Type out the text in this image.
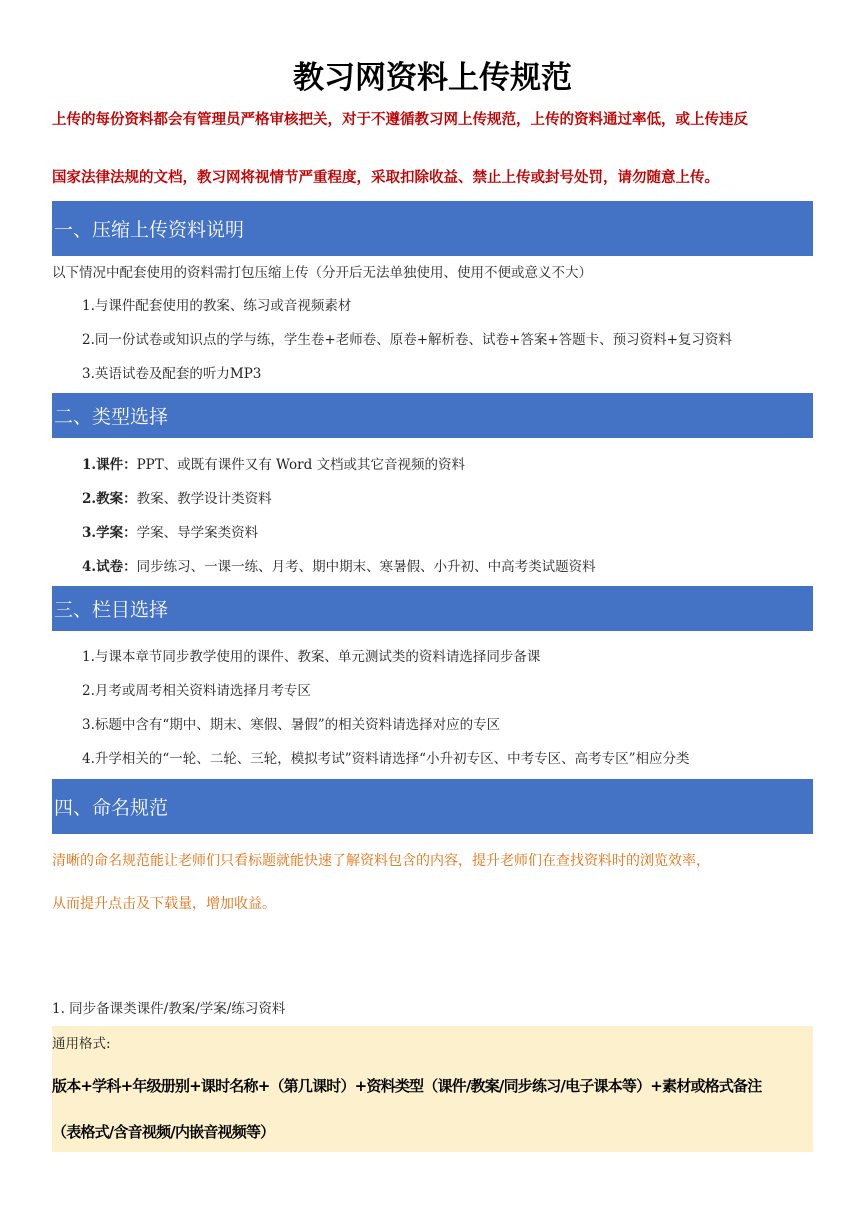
教习网资料上传规范
上传的每份资料都会有管理员严格审核把关，对于不遵循教习网上传规范，上传的资料通过率低，或上传违反
国家法律法规的文档，教习网将视情节严重程度，采取扣除收益、禁止上传或封号处罚，请勿随意上传。
一、压缩上传资料说明
以下情况中配套使用的资料需打包压缩上传（分开后无法单独使用、使用不便或意义不大）
1.与课件配套使用的教案、练习或音视频素材
2.同一份试卷或知识点的学与练，学生卷+老师卷、原卷+解析卷、试卷+答案+答题卡、预习资料+复习资料
3.英语试卷及配套的听力MP3
二、类型选择
1.课件：PPT、或既有课件又有 Word 文档或其它音视频的资料
2.教案：教案、教学设计类资料
3.学案：学案、导学案类资料
4.试卷：同步练习、一课一练、月考、期中期末、寒暑假、小升初、中高考类试题资料
三、栏目选择
1.与课本章节同步教学使用的课件、教案、单元测试类的资料请选择同步备课
2.月考或周考相关资料请选择月考专区
3.标题中含有“期中、期末、寒假、暑假”的相关资料请选择对应的专区
4.升学相关的“一轮、二轮、三轮，模拟考试”资料请选择“小升初专区、中考专区、高考专区”相应分类
四、命名规范
清晰的命名规范能让老师们只看标题就能快速了解资料包含的内容，提升老师们在查找资料时的浏览效率，
从而提升点击及下载量，增加收益。
1. 同步备课类课件/教案/学案/练习资料
通用格式:
版本+学科+年级册别+课时名称+（第几课时）+资料类型（课件/教案/同步练习/电子课本等）+素材或格式备注
（表格式/含音视频/内嵌音视频等）
